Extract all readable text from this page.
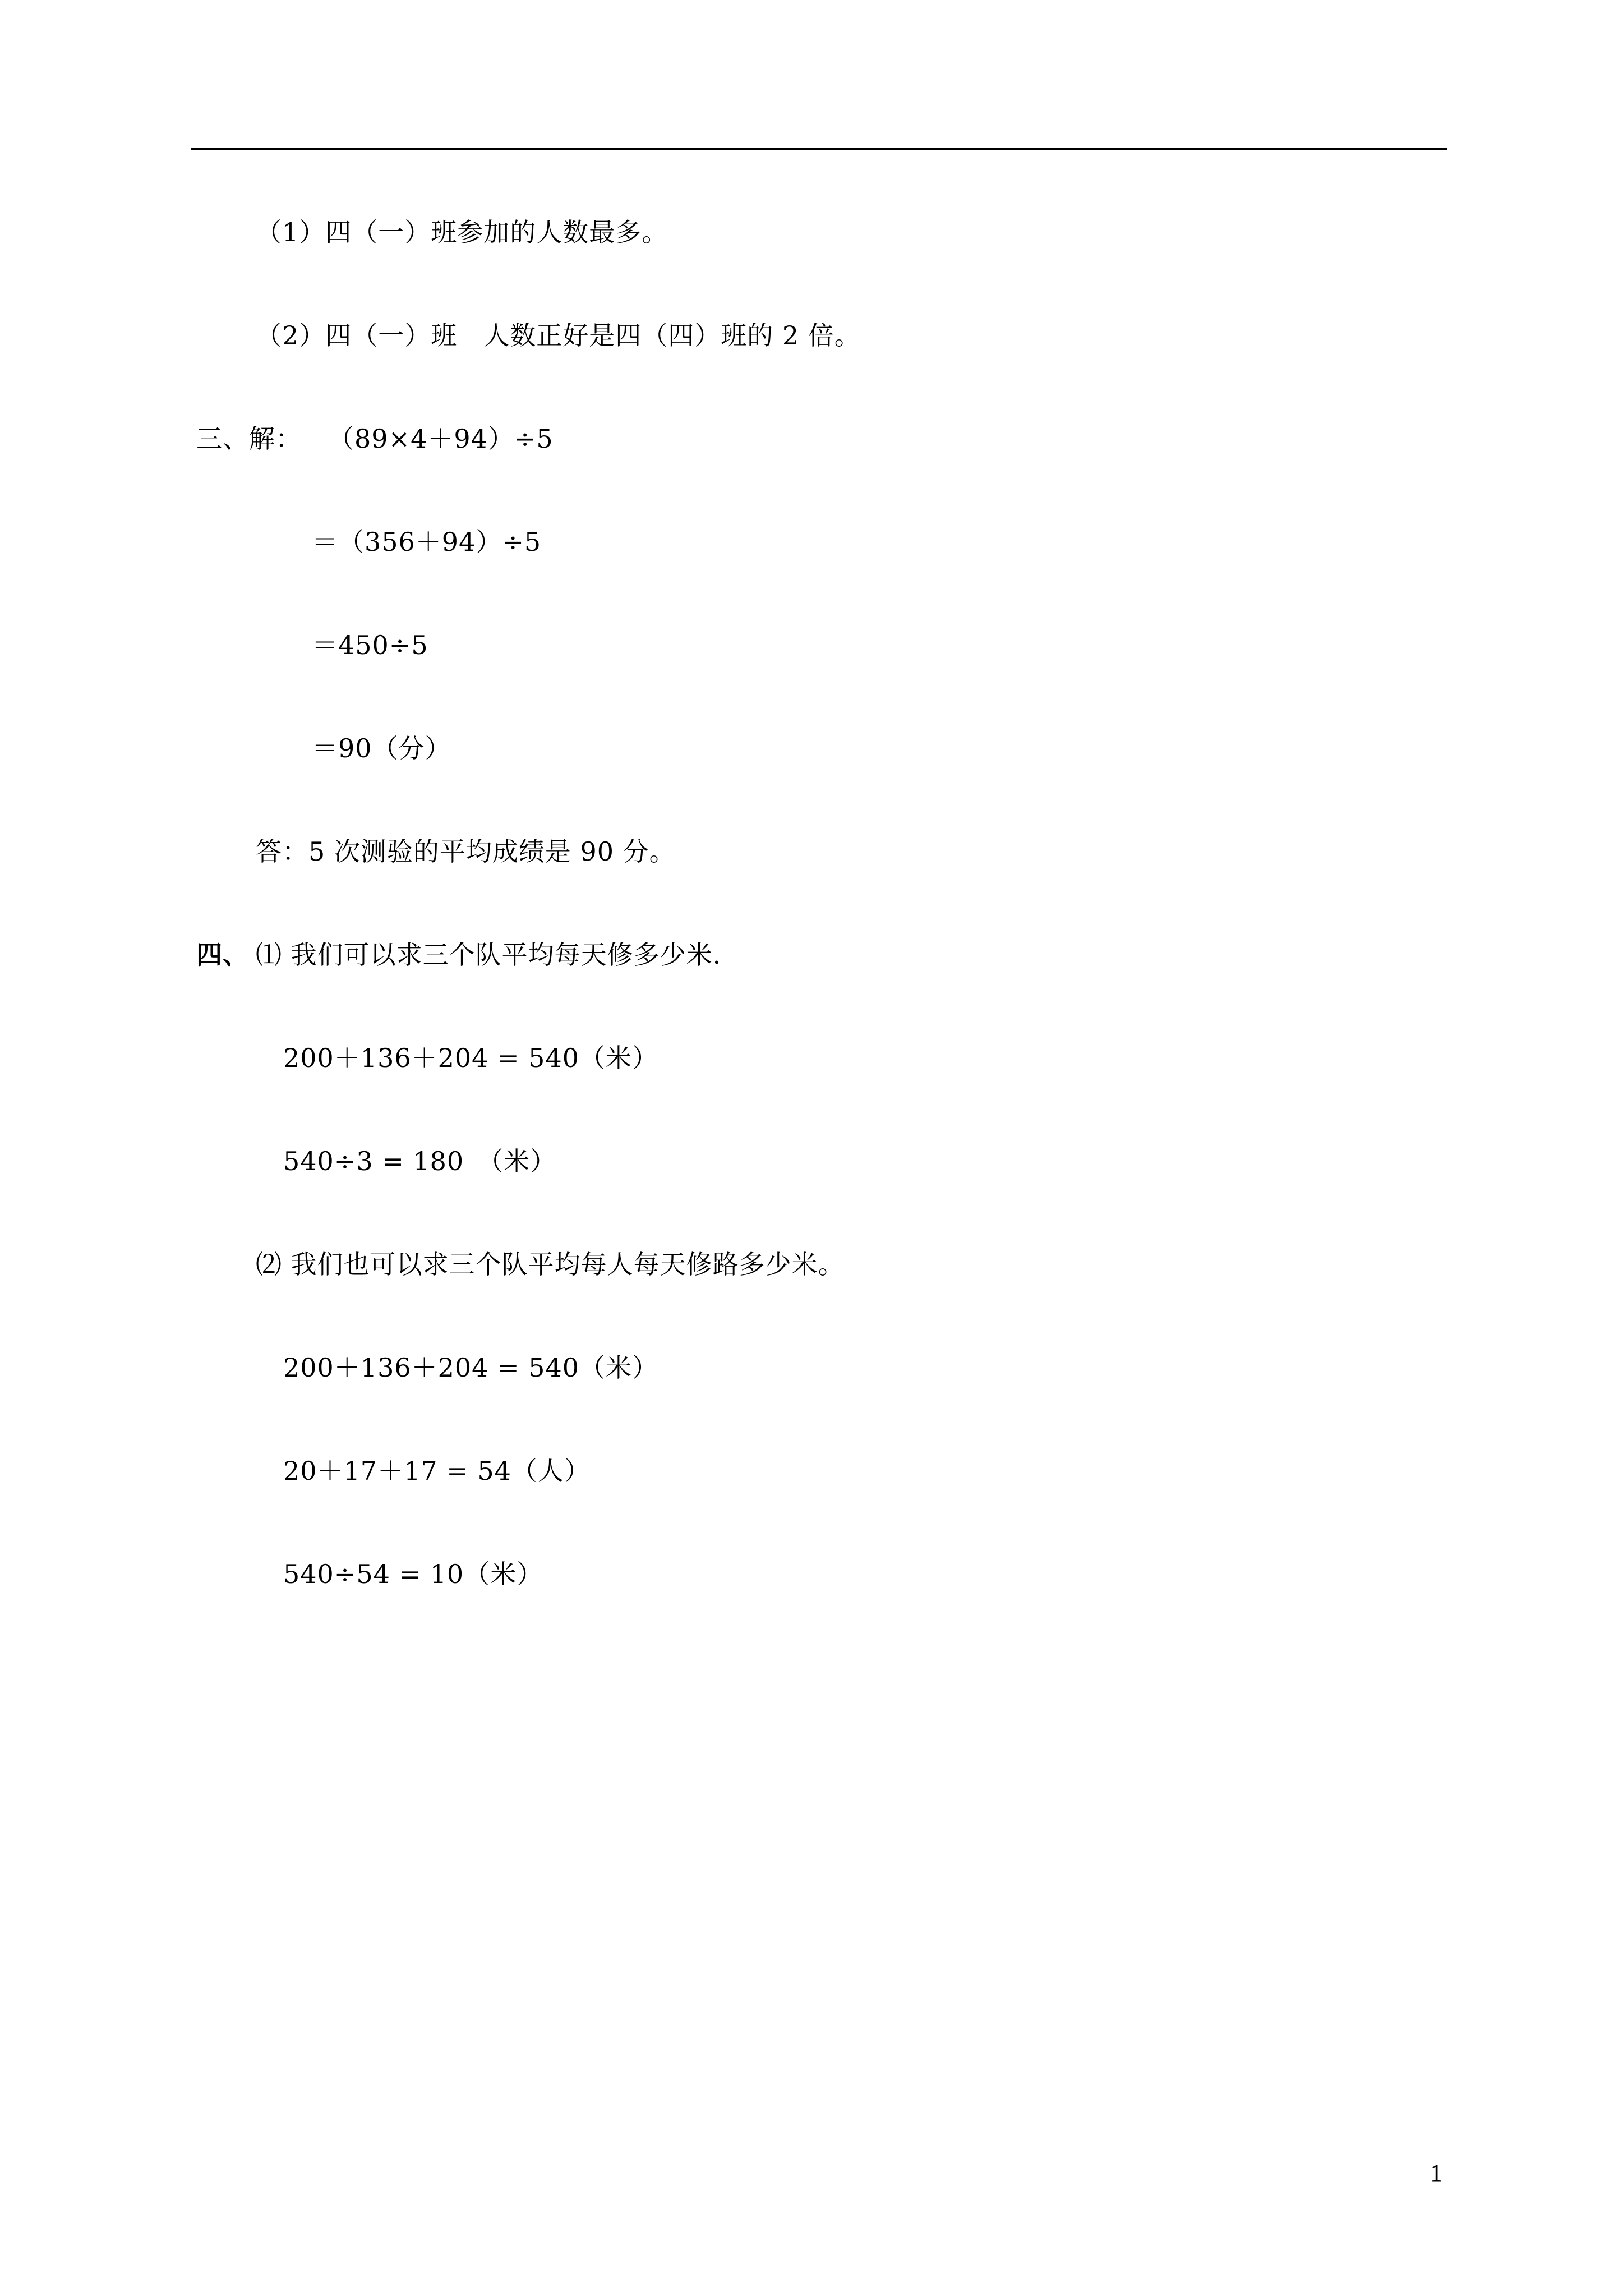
（1）四（一）班参加的人数最多。
（2）四（一）班　人数正好是四（四）班的 2 倍。
三、解： （89×4＋94）÷5
＝（356＋94）÷5
＝450÷5
＝90（分）
答：5 次测验的平均成绩是 90 分。
四、 ⑴ 我们可以求三个队平均每天修多少米.
200＋136＋204 = 540（米）
540÷3 = 180　（米）
⑵ 我们也可以求三个队平均每人每天修路多少米。
200＋136＋204 = 540（米）
20＋17＋17 = 54（人）
540÷54 = 10（米）
1
